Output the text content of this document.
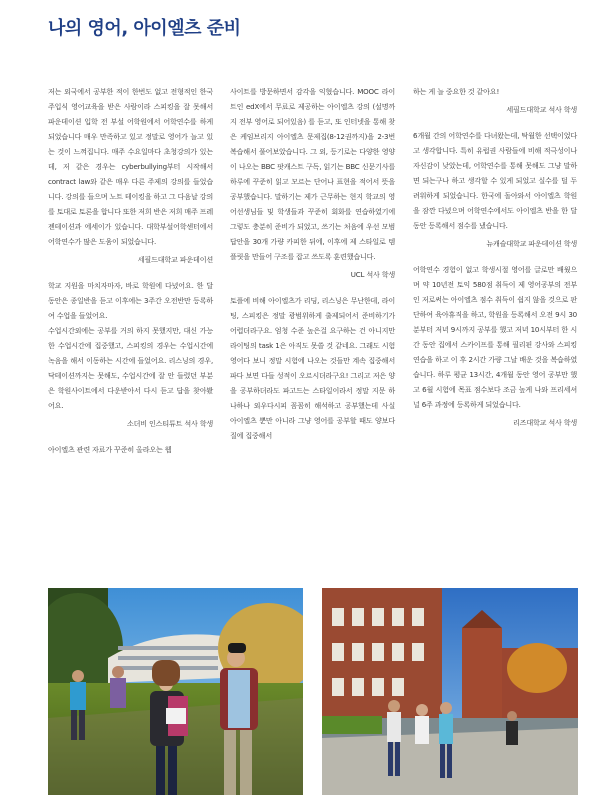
나의 영어, 아이엘츠 준비

저는 외국에서 공부한 적이 한번도 없고 전형적인 한국 주입식 영어교육을 받은 사람이라 스피킹을 잘 못해서 파운데이션 입학 전 부설 어학원에서 어학연수를 하게 되었습니다 매우 만족하고 있고 정말로 영어가 늘고 있는 것이 느껴집니다. 매주 수요일마다 초청강의가 있는데, 저 같은 경우는 cyberbullying부터 시작해서 contract law와 같은 매우 다른 주제의 강의를 들었습니다. 강의를 들으며 노트 테이킹을 하고 그 다음날 강의를 토대로 토론을 합니다 또한 저희 반은 저희 매주 프레젠테이션과 에세이가 있습니다. 대학부설어학센터에서 어학연수가 많은 도움이 되었습니다.

세필드대학교 파운데이션

학교 지원을 마치자마자, 바로 학원에 다녔어요. 한 달 동안은 종일반을 듣고 이후에는 3주간 오전반만 등록하여 수업을 들었어요.
수업시간외에는 공부를 거의 하지 못했지만, 대신 가능한 수업시간에 집중했고, 스피킹의 경우는 수업시간에 녹음을 해서 이동하는 시간에 들었어요. 리스닝의 경우, 닥테이션까지는 못해도, 수업시간에 잘 안 들렸던 부분은 학원사이트에서 다운받아서 다시 듣고 답을 찾아봤어요.

소더비 인스티튜트 석사 학생

아이엘츠 관련 자료가 꾸준히 올라오는 웹

사이트를 방문하면서 감각을 익혔습니다. MOOC 라이트인 edX에서 무료로 제공하는 아이엘츠 강의 (설명까지 전부 영어로 되어있음) 를 듣고, 또 인터넷을 통해 찾은 케임브리지 아이엘츠 문제집(8-12권까지)을 2-3번 복습해서 풀어보았습니다. 그 외, 등기로는 다양한 영양이 나오는 BBC 팟캐스트 구독, 읽기는 BBC 신문기사를 하루에 꾸준히 읽고 모르는 단어나 표현을 적어서 뜻을 공부했습니다. 말하기는 제가 근무하는 현지 학교의 영어선생님들 및 학생들과 꾸준히 회화를 연습하였기에 그렇도 충분히 준비가 되었고, 쓰기는 처음에 우선 모범답안을 30개 가량 카피한 뒤에, 이후에 제 스타일로 템플릿을 만들어 구조를 잡고 쓰도록 훈련했습니다.

UCL 석사 학생

토플에 비해 아이엘츠가 리딩, 리스닝은 무난한데, 라이팅, 스피킹은 정말 광범위하게 출제되어서 준비하기가 어렵더라구요. 엄청 수준 높은걸 요구하는 건 아니지만 라이팅의 task 1은 아직도 못쓸 것 같네요. 그래도 시험영어다 보니 정말 시험에 나오는 것들만 계속 집중해서 파다 보면 다들 성적이 오르시더라구요! 그리고 저은 양을 공부하더라도 파고드는 스타일이라서 정말 지문 하나하나 외우다시피 꼼꼼히 해석하고 공부했는데 사실 아이엘츠 뿐만 아니라 그냥 영어를 공부할 때도 양보다 질에 집중해서

하는 게 늘 중요한 것 같아요!

세필드대학교 석사 학생

6개월 간의 어학연수를 다녀왔는데, 탁월한 선택이었다고 생각합니다. 특히 유럽권 사람들에 비해 적극성이나 자신감이 낮았는데, 어학연수를 통해 못해도 그냥 말하면 되는구나 하고 생각할 수 있게 되었고 실수를 덜 두려워하게 되었습니다. 한국에 돌아와서 아이엘츠 학원을 잠깐 다녔으며 어학연수에서도 아이엘츠 반을 한 달 동안 등록해서 점수를 냈습니다.

뉴캐슬대학교 파운데이션 학생

어학연수 경험이 없고 학생시절 영어를 글로만 배웠으며 약 10년전 토익 580점 취득이 제 영어공부의 전부인 저로써는 아이엘츠 점수 취득이 쉽지 않을 것으로 판단하여 육아휴직을 하고, 학원을 등록해서 오전 9시 30분부터 저녁 9시까지 공부를 했고 저녁 10시부터 한 시간 동안 집에서 스카이프를 통해 필리핀 강사와 스피킹 연습을 하고 이 후 2시간 가량 그날 배운 것을 복습하였습니다. 하루 평균 13시간, 4개월 동안 영어 공부만 했고 6월 시험에 목표 점수보다 조금 높게 나와 프리세셔널 6주 과정에 등록하게 되었습니다.

리즈대학교 석사 학생
